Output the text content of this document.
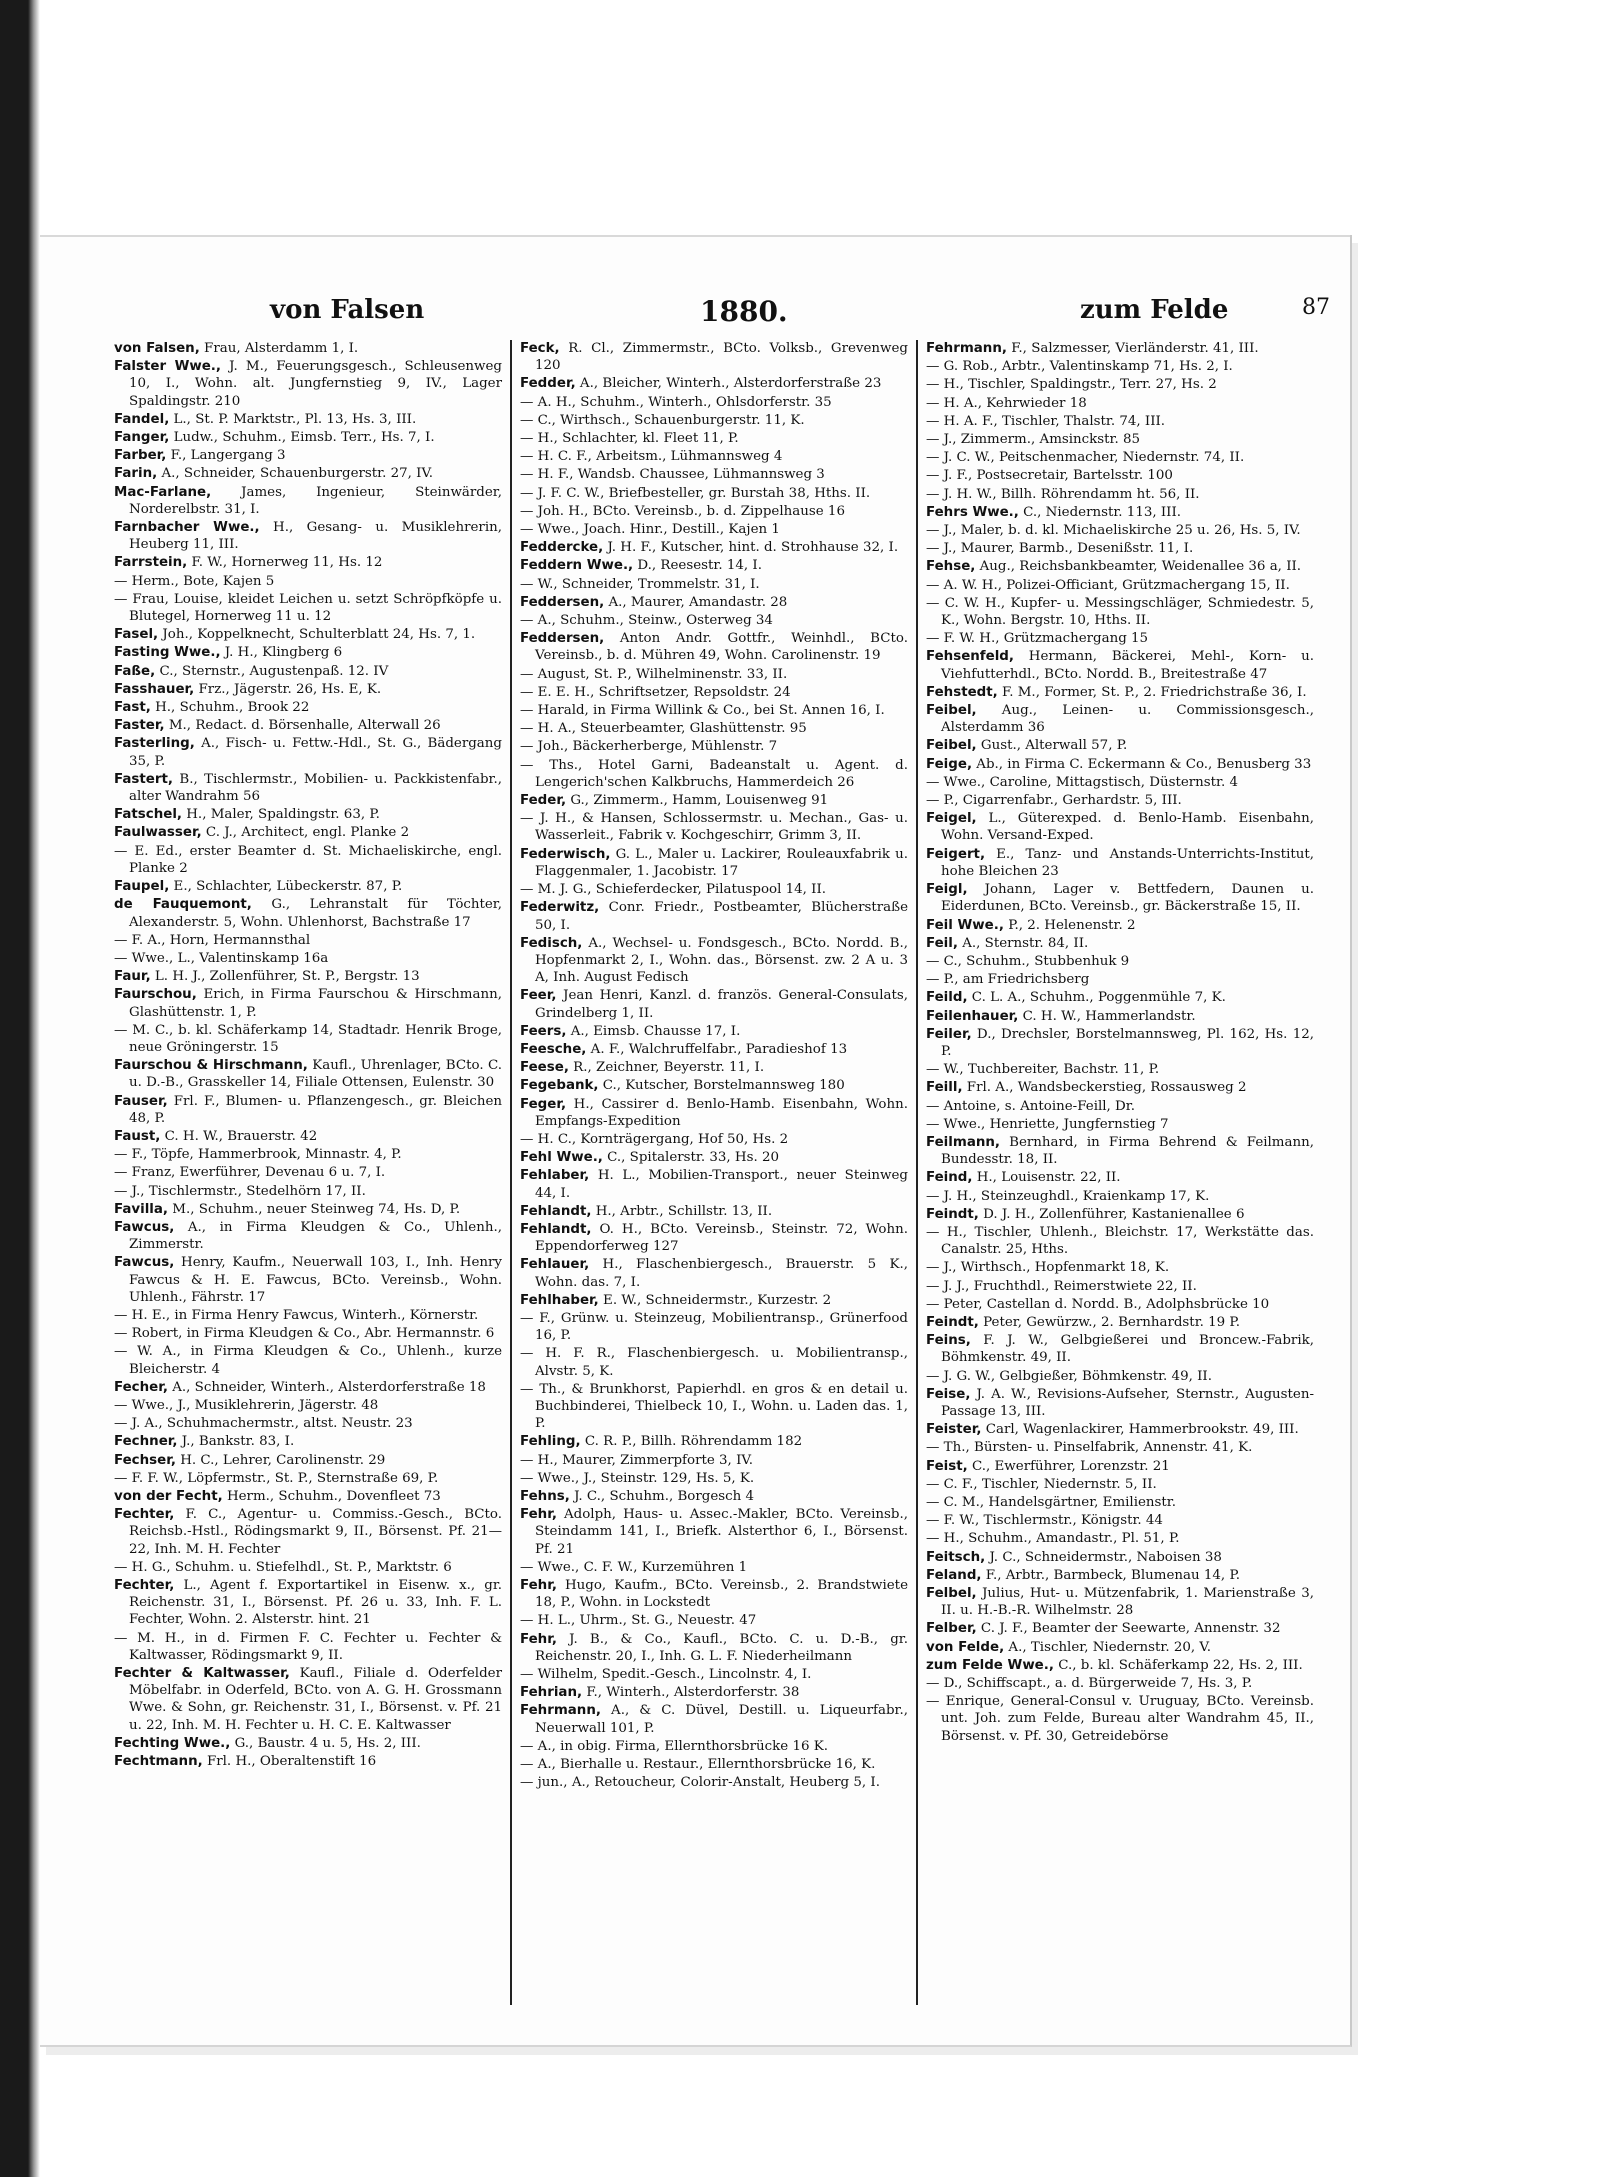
von Falsen	1880.	zum Felde	87
von Falsen, Frau, Alsterdamm 1, I.
Falster Wwe., J. M., Feuerungsgesch., Schleusenweg 10, I., Wohn. alt. Jungfernstieg 9, IV., Lager Spaldingstr. 210
Fandel, L., St. P. Marktstr., Pl. 13, Hs. 3, III.
Fanger, Ludw., Schuhm., Eimsb. Terr., Hs. 7, I.
Farber, F., Langergang 3
Farin, A., Schneider, Schauenburgerstr. 27, IV.
Mac-Farlane, James, Ingenieur, Steinwärder, Norderelbstr. 31, I.
Farnbacher Wwe., H., Gesang- u. Musiklehrerin, Heuberg 11, III.
Farrstein, F. W., Hornerweg 11, Hs. 12
— Herm., Bote, Kajen 5
— Frau, Louise, kleidet Leichen u. setzt Schröpfköpfe u. Blutegel, Hornerweg 11 u. 12
Fasel, Joh., Koppelknecht, Schulterblatt 24, Hs. 7, 1.
Fasting Wwe., J. H., Klingberg 6
Faße, C., Sternstr., Augustenpaß. 12. IV
Fasshauer, Frz., Jägerstr. 26, Hs. E, K.
Fast, H., Schuhm., Brook 22
Faster, M., Redact. d. Börsenhalle, Alterwall 26
Fasterling, A., Fisch- u. Fettw.-Hdl., St. G., Bädergang 35, P.
Fastert, B., Tischlermstr., Mobilien- u. Packkistenfabr., alter Wandrahm 56
Fatschel, H., Maler, Spaldingstr. 63, P.
Faulwasser, C. J., Architect, engl. Planke 2
— E. Ed., erster Beamter d. St. Michaeliskirche, engl. Planke 2
Faupel, E., Schlachter, Lübeckerstr. 87, P.
de Fauquemont, G., Lehranstalt für Töchter, Alexanderstr. 5, Wohn. Uhlenhorst, Bachstraße 17
— F. A., Horn, Hermannsthal
— Wwe., L., Valentinskamp 16a
Faur, L. H. J., Zollenführer, St. P., Bergstr. 13
Faurschou, Erich, in Firma Faurschou & Hirschmann, Glashüttenstr. 1, P.
— M. C., b. kl. Schäferkamp 14, Stadtadr. Henrik Broge, neue Gröningerstr. 15
Faurschou & Hirschmann, Kaufl., Uhrenlager, BCto. C. u. D.-B., Grasskeller 14, Filiale Ottensen, Eulenstr. 30
Fauser, Frl. F., Blumen- u. Pflanzengesch., gr. Bleichen 48, P.
Faust, C. H. W., Brauerstr. 42
— F., Töpfe, Hammerbrook, Minnastr. 4, P.
— Franz, Ewerführer, Devenau 6 u. 7, I.
— J., Tischlermstr., Stedelhörn 17, II.
Favilla, M., Schuhm., neuer Steinweg 74, Hs. D, P.
Fawcus, A., in Firma Kleudgen & Co., Uhlenh., Zimmerstr.
Fawcus, Henry, Kaufm., Neuerwall 103, I., Inh. Henry Fawcus & H. E. Fawcus, BCto. Vereinsb., Wohn. Uhlenh., Fährstr. 17
— H. E., in Firma Henry Fawcus, Winterh., Körnerstr.
— Robert, in Firma Kleudgen & Co., Abr. Hermannstr. 6
— W. A., in Firma Kleudgen & Co., Uhlenh., kurze Bleicherstr. 4
Fecher, A., Schneider, Winterh., Alsterdorferstraße 18
— Wwe., J., Musiklehrerin, Jägerstr. 48
— J. A., Schuhmachermstr., altst. Neustr. 23
Fechner, J., Bankstr. 83, I.
Fechser, H. C., Lehrer, Carolinenstr. 29
— F. F. W., Löpfermstr., St. P., Sternstraße 69, P.
von der Fecht, Herm., Schuhm., Dovenfleet 73
Fechter, F. C., Agentur- u. Commiss.-Gesch., BCto. Reichsb.-Hstl., Rödingsmarkt 9, II., Börsenst. Pf. 21—22, Inh. M. H. Fechter
— H. G., Schuhm. u. Stiefelhdl., St. P., Marktstr. 6
Fechter, L., Agent f. Exportartikel in Eisenw. x., gr. Reichenstr. 31, I., Börsenst. Pf. 26 u. 33, Inh. F. L. Fechter, Wohn. 2. Alsterstr. hint. 21
— M. H., in d. Firmen F. C. Fechter u. Fechter & Kaltwasser, Rödingsmarkt 9, II.
Fechter & Kaltwasser, Kaufl., Filiale d. Oderfelder Möbelfabr. in Oderfeld, BCto. von A. G. H. Grossmann Wwe. & Sohn, gr. Reichenstr. 31, I., Börsenst. v. Pf. 21 u. 22, Inh. M. H. Fechter u. H. C. E. Kaltwasser
Fechting Wwe., G., Baustr. 4 u. 5, Hs. 2, III.
Fechtmann, Frl. H., Oberaltenstift 16
Feck, R. Cl., Zimmermstr., BCto. Volksb., Grevenweg 120
Fedder, A., Bleicher, Winterh., Alsterdorferstraße 23
— A. H., Schuhm., Winterh., Ohlsdorferstr. 35
— C., Wirthsch., Schauenburgerstr. 11, K.
— H., Schlachter, kl. Fleet 11, P.
— H. C. F., Arbeitsm., Lühmannsweg 4
— H. F., Wandsb. Chaussee, Lühmannsweg 3
— J. F. C. W., Briefbesteller, gr. Burstah 38, Hths. II.
— Joh. H., BCto. Vereinsb., b. d. Zippelhause 16
— Wwe., Joach. Hinr., Destill., Kajen 1
Feddercke, J. H. F., Kutscher, hint. d. Strohhause 32, I.
Feddern Wwe., D., Reesestr. 14, I.
— W., Schneider, Trommelstr. 31, I.
Feddersen, A., Maurer, Amandastr. 28
— A., Schuhm., Steinw., Osterweg 34
Feddersen, Anton Andr. Gottfr., Weinhdl., BCto. Vereinsb., b. d. Mühren 49, Wohn. Carolinenstr. 19
— August, St. P., Wilhelminenstr. 33, II.
— E. E. H., Schriftsetzer, Repsoldstr. 24
— Harald, in Firma Willink & Co., bei St. Annen 16, I.
— H. A., Steuerbeamter, Glashüttenstr. 95
— Joh., Bäckerherberge, Mühlenstr. 7
— Ths., Hotel Garni, Badeanstalt u. Agent. d. Lengerich'schen Kalkbruchs, Hammerdeich 26
Feder, G., Zimmerm., Hamm, Louisenweg 91
— J. H., & Hansen, Schlossermstr. u. Mechan., Gas- u. Wasserleit., Fabrik v. Kochgeschirr, Grimm 3, II.
Federwisch, G. L., Maler u. Lackirer, Rouleauxfabrik u. Flaggenmaler, 1. Jacobistr. 17
— M. J. G., Schieferdecker, Pilatuspool 14, II.
Federwitz, Conr. Friedr., Postbeamter, Blücherstraße 50, I.
Fedisch, A., Wechsel- u. Fondsgesch., BCto. Nordd. B., Hopfenmarkt 2, I., Wohn. das., Börsenst. zw. 2 A u. 3 A, Inh. August Fedisch
Feer, Jean Henri, Kanzl. d. französ. General-Consulats, Grindelberg 1, II.
Feers, A., Eimsb. Chausse 17, I.
Feesche, A. F., Walchruffelfabr., Paradieshof 13
Feese, R., Zeichner, Beyerstr. 11, I.
Fegebank, C., Kutscher, Borstelmannsweg 180
Feger, H., Cassirer d. Benlo-Hamb. Eisenbahn, Wohn. Empfangs-Expedition
— H. C., Kornträgergang, Hof 50, Hs. 2
Fehl Wwe., C., Spitalerstr. 33, Hs. 20
Fehlaber, H. L., Mobilien-Transport., neuer Steinweg 44, I.
Fehlandt, H., Arbtr., Schillstr. 13, II.
Fehlandt, O. H., BCto. Vereinsb., Steinstr. 72, Wohn. Eppendorferweg 127
Fehlauer, H., Flaschenbiergesch., Brauerstr. 5 K., Wohn. das. 7, I.
Fehlhaber, E. W., Schneidermstr., Kurzestr. 2
— F., Grünw. u. Steinzeug, Mobilientransp., Grünerfood 16, P.
— H. F. R., Flaschenbiergesch. u. Mobilientransp., Alvstr. 5, K.
— Th., & Brunkhorst, Papierhdl. en gros & en detail u. Buchbinderei, Thielbeck 10, I., Wohn. u. Laden das. 1, P.
Fehling, C. R. P., Billh. Röhrendamm 182
— H., Maurer, Zimmerpforte 3, IV.
— Wwe., J., Steinstr. 129, Hs. 5, K.
Fehns, J. C., Schuhm., Borgesch 4
Fehr, Adolph, Haus- u. Assec.-Makler, BCto. Vereinsb., Steindamm 141, I., Briefk. Alsterthor 6, I., Börsenst. Pf. 21
— Wwe., C. F. W., Kurzemühren 1
Fehr, Hugo, Kaufm., BCto. Vereinsb., 2. Brandstwiete 18, P., Wohn. in Lockstedt
— H. L., Uhrm., St. G., Neuestr. 47
Fehr, J. B., & Co., Kaufl., BCto. C. u. D.-B., gr. Reichenstr. 20, I., Inh. G. L. F. Niederheilmann
— Wilhelm, Spedit.-Gesch., Lincolnstr. 4, I.
Fehrian, F., Winterh., Alsterdorferstr. 38
Fehrmann, A., & C. Düvel, Destill. u. Liqueurfabr., Neuerwall 101, P.
— A., in obig. Firma, Ellernthorsbrücke 16 K.
— A., Bierhalle u. Restaur., Ellernthorsbrücke 16, K.
— jun., A., Retoucheur, Colorir-Anstalt, Heuberg 5, I.
Fehrmann, F., Salzmesser, Vierländerstr. 41, III.
— G. Rob., Arbtr., Valentinskamp 71, Hs. 2, I.
— H., Tischler, Spaldingstr., Terr. 27, Hs. 2
— H. A., Kehrwieder 18
— H. A. F., Tischler, Thalstr. 74, III.
— J., Zimmerm., Amsinckstr. 85
— J. C. W., Peitschenmacher, Niedernstr. 74, II.
— J. F., Postsecretair, Bartelsstr. 100
— J. H. W., Billh. Röhrendamm ht. 56, II.
Fehrs Wwe., C., Niedernstr. 113, III.
— J., Maler, b. d. kl. Michaeliskirche 25 u. 26, Hs. 5, IV.
— J., Maurer, Barmb., Desenißstr. 11, I.
Fehse, Aug., Reichsbankbeamter, Weidenallee 36 a, II.
— A. W. H., Polizei-Officiant, Grützmachergang 15, II.
— C. W. H., Kupfer- u. Messingschläger, Schmiedestr. 5, K., Wohn. Bergstr. 10, Hths. II.
— F. W. H., Grützmachergang 15
Fehsenfeld, Hermann, Bäckerei, Mehl-, Korn- u. Viehfutterhdl., BCto. Nordd. B., Breitestraße 47
Fehstedt, F. M., Former, St. P., 2. Friedrichstraße 36, I.
Feibel, Aug., Leinen- u. Commissionsgesch., Alsterdamm 36
Feibel, Gust., Alterwall 57, P.
Feige, Ab., in Firma C. Eckermann & Co., Benusberg 33
— Wwe., Caroline, Mittagstisch, Düsternstr. 4
— P., Cigarrenfabr., Gerhardstr. 5, III.
Feigel, L., Güterexped. d. Benlo-Hamb. Eisenbahn, Wohn. Versand-Exped.
Feigert, E., Tanz- und Anstands-Unterrichts-Institut, hohe Bleichen 23
Feigl, Johann, Lager v. Bettfedern, Daunen u. Eiderdunen, BCto. Vereinsb., gr. Bäckerstraße 15, II.
Feil Wwe., P., 2. Helenenstr. 2
Feil, A., Sternstr. 84, II.
— C., Schuhm., Stubbenhuk 9
— P., am Friedrichsberg
Feild, C. L. A., Schuhm., Poggenmühle 7, K.
Feilenhauer, C. H. W., Hammerlandstr.
Feiler, D., Drechsler, Borstelmannsweg, Pl. 162, Hs. 12, P.
— W., Tuchbereiter, Bachstr. 11, P.
Feill, Frl. A., Wandsbeckerstieg, Rossausweg 2
— Antoine, s. Antoine-Feill, Dr.
— Wwe., Henriette, Jungfernstieg 7
Feilmann, Bernhard, in Firma Behrend & Feilmann, Bundesstr. 18, II.
Feind, H., Louisenstr. 22, II.
— J. H., Steinzeughdl., Kraienkamp 17, K.
Feindt, D. J. H., Zollenführer, Kastanienallee 6
— H., Tischler, Uhlenh., Bleichstr. 17, Werkstätte das. Canalstr. 25, Hths.
— J., Wirthsch., Hopfenmarkt 18, K.
— J. J., Fruchthdl., Reimerstwiete 22, II.
— Peter, Castellan d. Nordd. B., Adolphsbrücke 10
Feindt, Peter, Gewürzw., 2. Bernhardstr. 19 P.
Feins, F. J. W., Gelbgießerei und Broncew.-Fabrik, Böhmkenstr. 49, II.
— J. G. W., Gelbgießer, Böhmkenstr. 49, II.
Feise, J. A. W., Revisions-Aufseher, Sternstr., Augusten-Passage 13, III.
Feister, Carl, Wagenlackirer, Hammerbrookstr. 49, III.
— Th., Bürsten- u. Pinselfabrik, Annenstr. 41, K.
Feist, C., Ewerführer, Lorenzstr. 21
— C. F., Tischler, Niedernstr. 5, II.
— C. M., Handelsgärtner, Emilienstr.
— F. W., Tischlermstr., Königstr. 44
— H., Schuhm., Amandastr., Pl. 51, P.
Feitsch, J. C., Schneidermstr., Naboisen 38
Feland, F., Arbtr., Barmbeck, Blumenau 14, P.
Felbel, Julius, Hut- u. Mützenfabrik, 1. Marienstraße 3, II. u. H.-B.-R. Wilhelmstr. 28
Felber, C. J. F., Beamter der Seewarte, Annenstr. 32
von Felde, A., Tischler, Niedernstr. 20, V.
zum Felde Wwe., C., b. kl. Schäferkamp 22, Hs. 2, III.
— D., Schiffscapt., a. d. Bürgerweide 7, Hs. 3, P.
— Enrique, General-Consul v. Uruguay, BCto. Vereinsb. unt. Joh. zum Felde, Bureau alter Wandrahm 45, II., Börsenst. v. Pf. 30, Getreidebörse
